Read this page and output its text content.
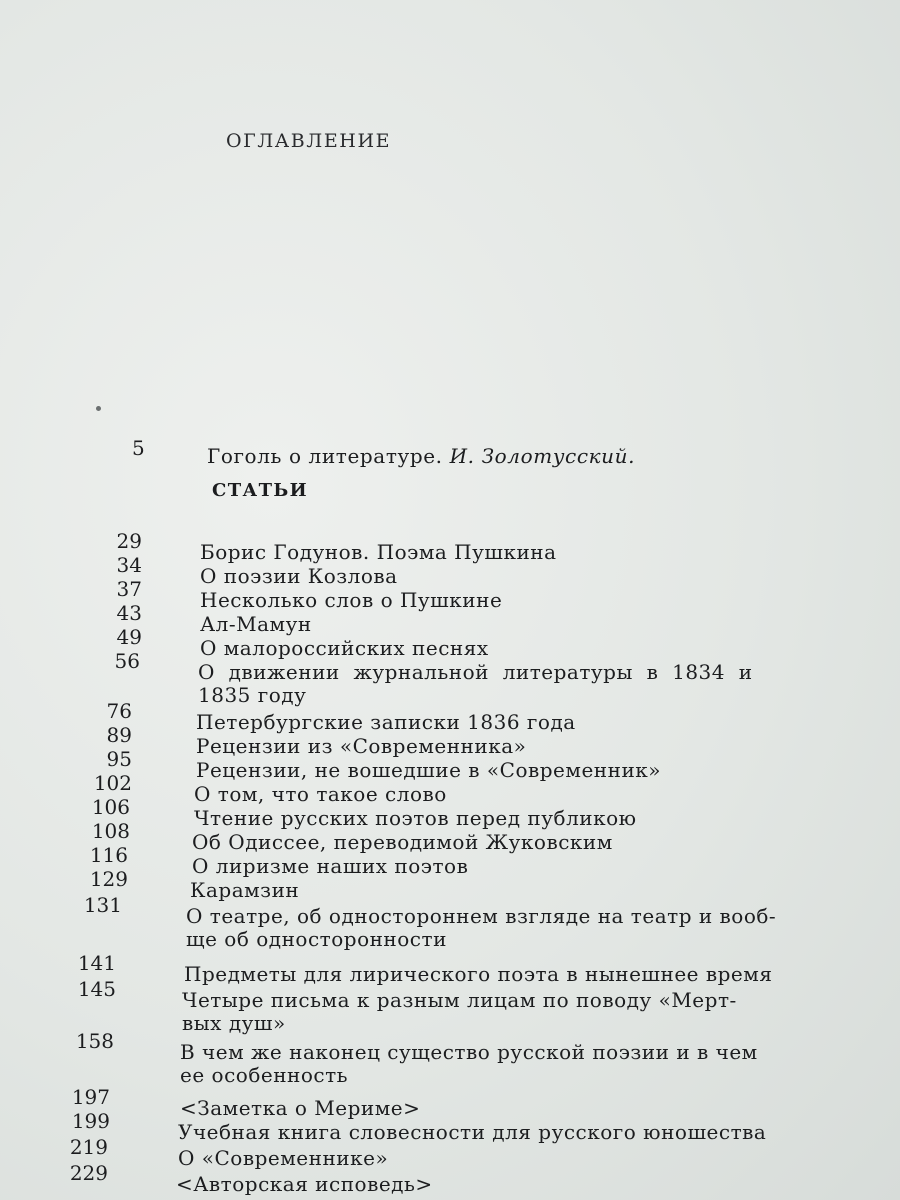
ОГЛАВЛЕНИЕ
5	Гоголь о литературе. И. Золотусский.
СТАТЬИ
29	Борис Годунов. Поэма Пушкина
34	О поэзии Козлова
37	Несколько слов о Пушкине
43	Ал-Мамун
49	О малороссийских песнях
56	О  движении  журнальной  литературы  в  1834  и
1835 году
76	Петербургские записки 1836 года
89	Рецензии из «Современника»
95	Рецензии, не вошедшие в «Современник»
102	О том, что такое слово
106	Чтение русских поэтов перед публикою
108	Об Одиссее, переводимой Жуковским
116	О лиризме наших поэтов
129	Карамзин
131	О театре, об одностороннем взгляде на театр и вооб-
ще об односторонности
141	Предметы для лирического поэта в нынешнее время
145	Четыре письма к разным лицам по поводу «Мерт-
вых душ»
158	В чем же наконец существо русской поэзии и в чем
ее особенность
197	<Заметка о Мериме>
199	Учебная книга словесности для русского юношества
219	О «Современнике»
229	<Авторская исповедь>
